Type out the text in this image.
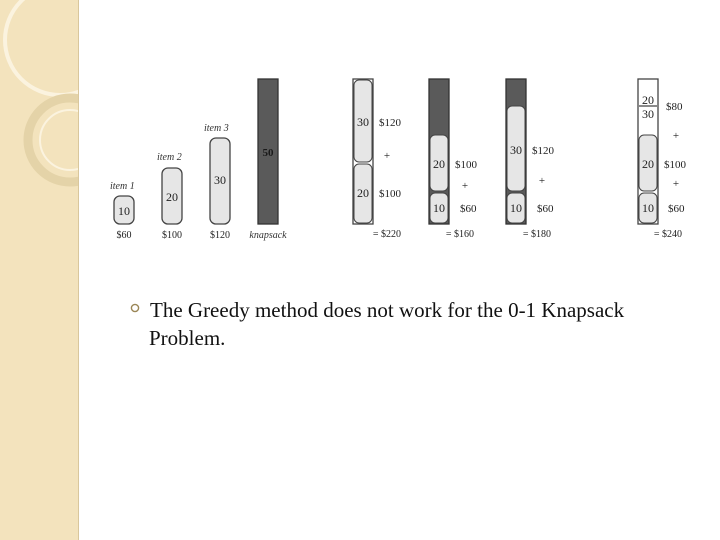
item 1
10
$60
item 2
20
$100
item 3
30
$120
50
knapsack
30 $120
+
20 $100
= $220
20 $100
+
10 $60
= $160
30 $120
+
10 $60
= $180
20 $80
30
+
20 $100
+
10 $60
= $240
The Greedy method does not work for the 0-1 Knapsack
Problem.
